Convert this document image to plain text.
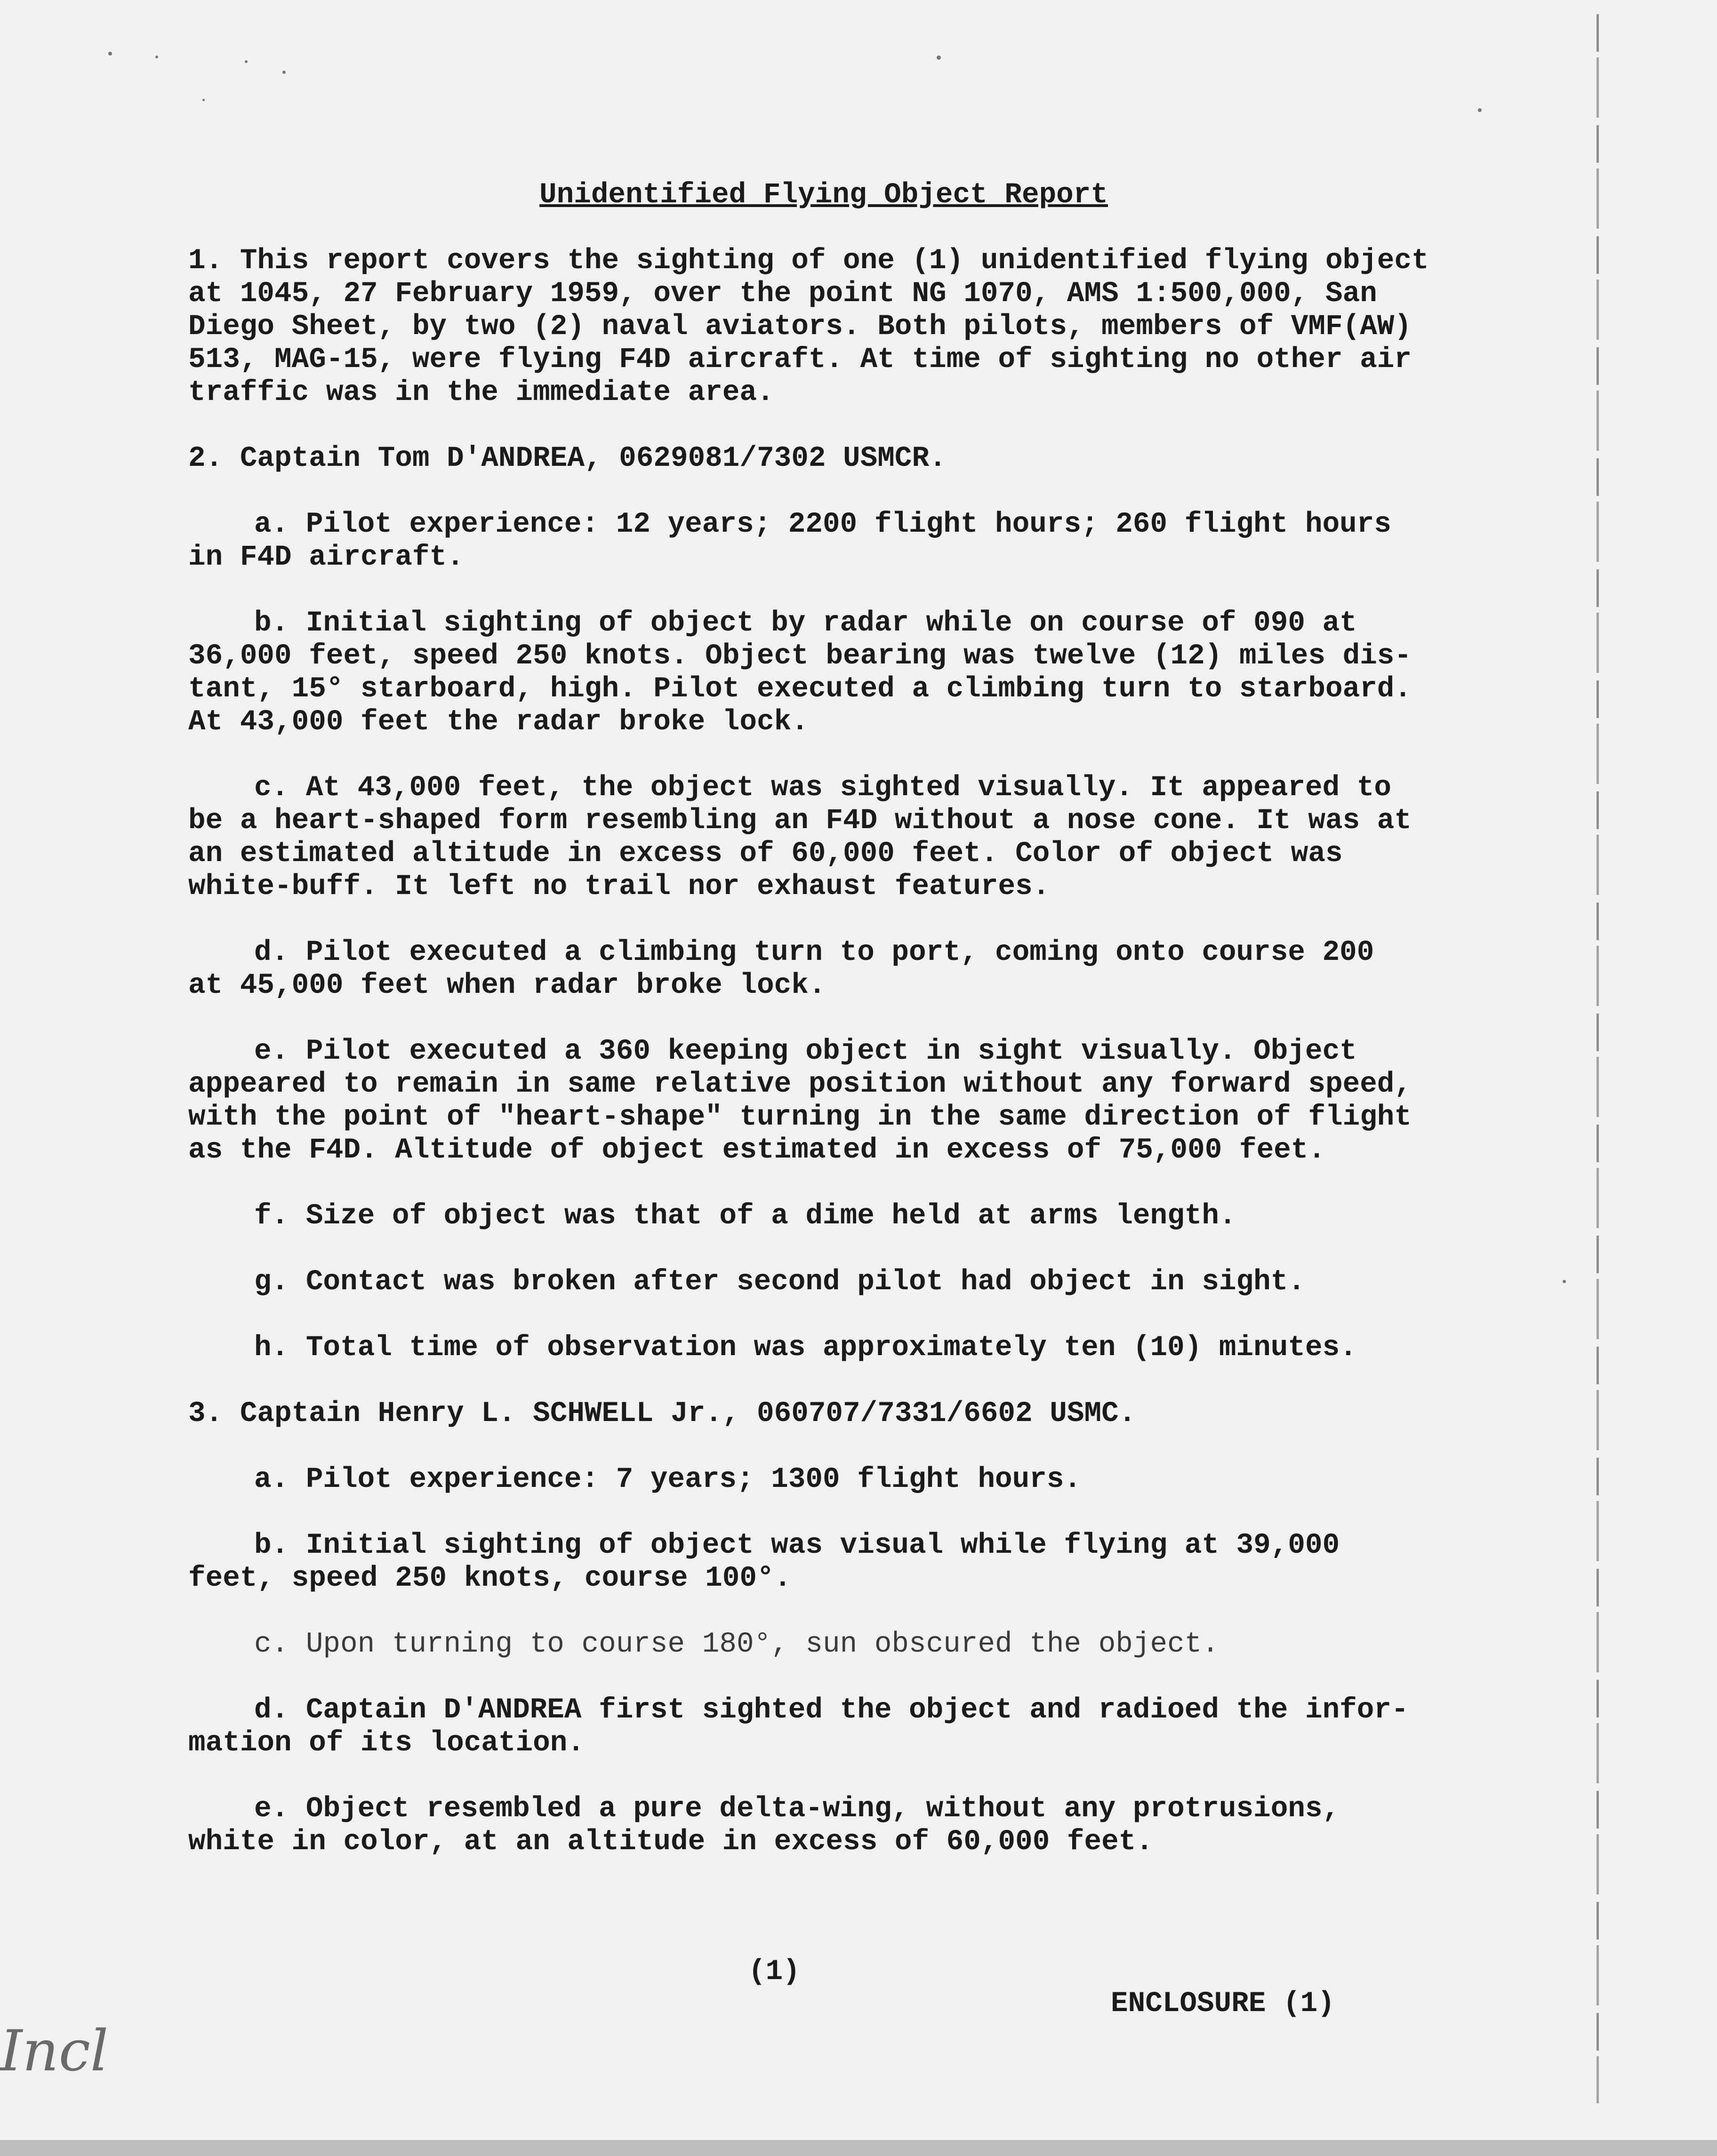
Unidentified Flying Object Report
1. This report covers the sighting of one (1) unidentified flying object
at 1045, 27 February 1959, over the point NG 1070, AMS 1:500,000, San
Diego Sheet, by two (2) naval aviators. Both pilots, members of VMF(AW)
513, MAG-15, were flying F4D aircraft. At time of sighting no other air
traffic was in the immediate area.
2. Captain Tom D'ANDREA, 0629081/7302 USMCR.
a. Pilot experience: 12 years; 2200 flight hours; 260 flight hours
in F4D aircraft.
b. Initial sighting of object by radar while on course of 090 at
36,000 feet, speed 250 knots. Object bearing was twelve (12) miles dis-
tant, 15° starboard, high. Pilot executed a climbing turn to starboard.
At 43,000 feet the radar broke lock.
c. At 43,000 feet, the object was sighted visually. It appeared to
be a heart-shaped form resembling an F4D without a nose cone. It was at
an estimated altitude in excess of 60,000 feet. Color of object was
white-buff. It left no trail nor exhaust features.
d. Pilot executed a climbing turn to port, coming onto course 200
at 45,000 feet when radar broke lock.
e. Pilot executed a 360 keeping object in sight visually. Object
appeared to remain in same relative position without any forward speed,
with the point of "heart-shape" turning in the same direction of flight
as the F4D. Altitude of object estimated in excess of 75,000 feet.
f. Size of object was that of a dime held at arms length.
g. Contact was broken after second pilot had object in sight.
h. Total time of observation was approximately ten (10) minutes.
3. Captain Henry L. SCHWELL Jr., 060707/7331/6602 USMC.
a. Pilot experience: 7 years; 1300 flight hours.
b. Initial sighting of object was visual while flying at 39,000
feet, speed 250 knots, course 100°.
c. Upon turning to course 180°, sun obscured the object.
d. Captain D'ANDREA first sighted the object and radioed the infor-
mation of its location.
e. Object resembled a pure delta-wing, without any protrusions,
white in color, at an altitude in excess of 60,000 feet.
(1)
ENCLOSURE (1)
Incl
